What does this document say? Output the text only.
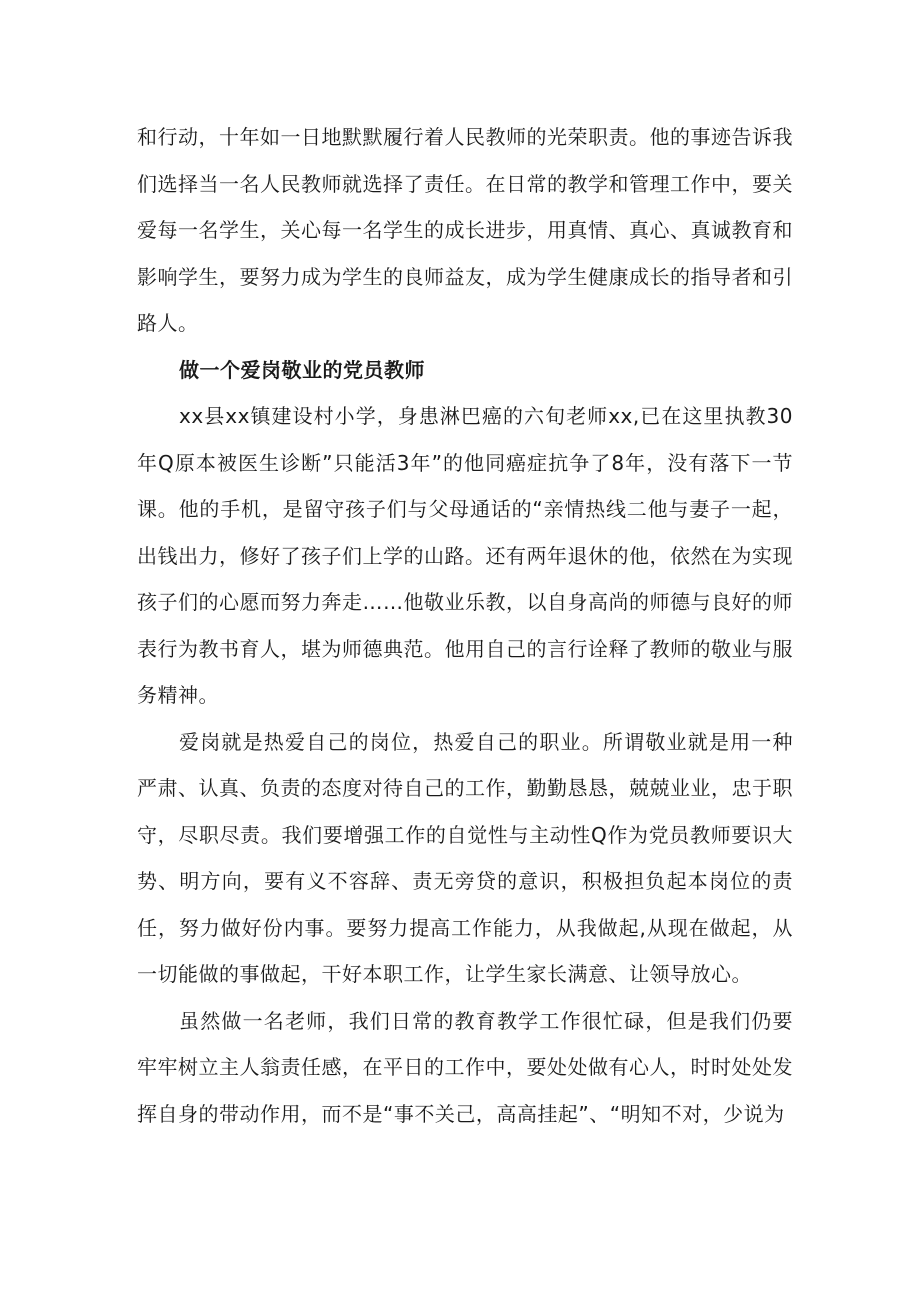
和行动，十年如一日地默默履行着人民教师的光荣职责。他的事迹告诉我们选择当一名人民教师就选择了责任。在日常的教学和管理工作中，要关爱每一名学生，关心每一名学生的成长进步，用真情、真心、真诚教育和影响学生，要努力成为学生的良师益友，成为学生健康成长的指导者和引路人。

做一个爱岗敬业的党员教师

xx县xx镇建设村小学，身患淋巴癌的六旬老师xx,已在这里执教30年Q原本被医生诊断”只能活3年”的他同癌症抗争了8年，没有落下一节课。他的手机，是留守孩子们与父母通话的“亲情热线二他与妻子一起，出钱出力，修好了孩子们上学的山路。还有两年退休的他，依然在为实现孩子们的心愿而努力奔走……他敬业乐教，以自身高尚的师德与良好的师表行为教书育人，堪为师德典范。他用自己的言行诠释了教师的敬业与服务精神。

爱岗就是热爱自己的岗位，热爱自己的职业。所谓敬业就是用一种严肃、认真、负责的态度对待自己的工作，勤勤恳恳，兢兢业业，忠于职守，尽职尽责。我们要增强工作的自觉性与主动性Q作为党员教师要识大势、明方向，要有义不容辞、责无旁贷的意识，积极担负起本岗位的责任，努力做好份内事。要努力提高工作能力，从我做起,从现在做起，从一切能做的事做起，干好本职工作，让学生家长满意、让领导放心。

虽然做一名老师，我们日常的教育教学工作很忙碌，但是我们仍要牢牢树立主人翁责任感，在平日的工作中，要处处做有心人，时时处处发挥自身的带动作用，而不是“事不关己，高高挂起”、“明知不对，少说为
